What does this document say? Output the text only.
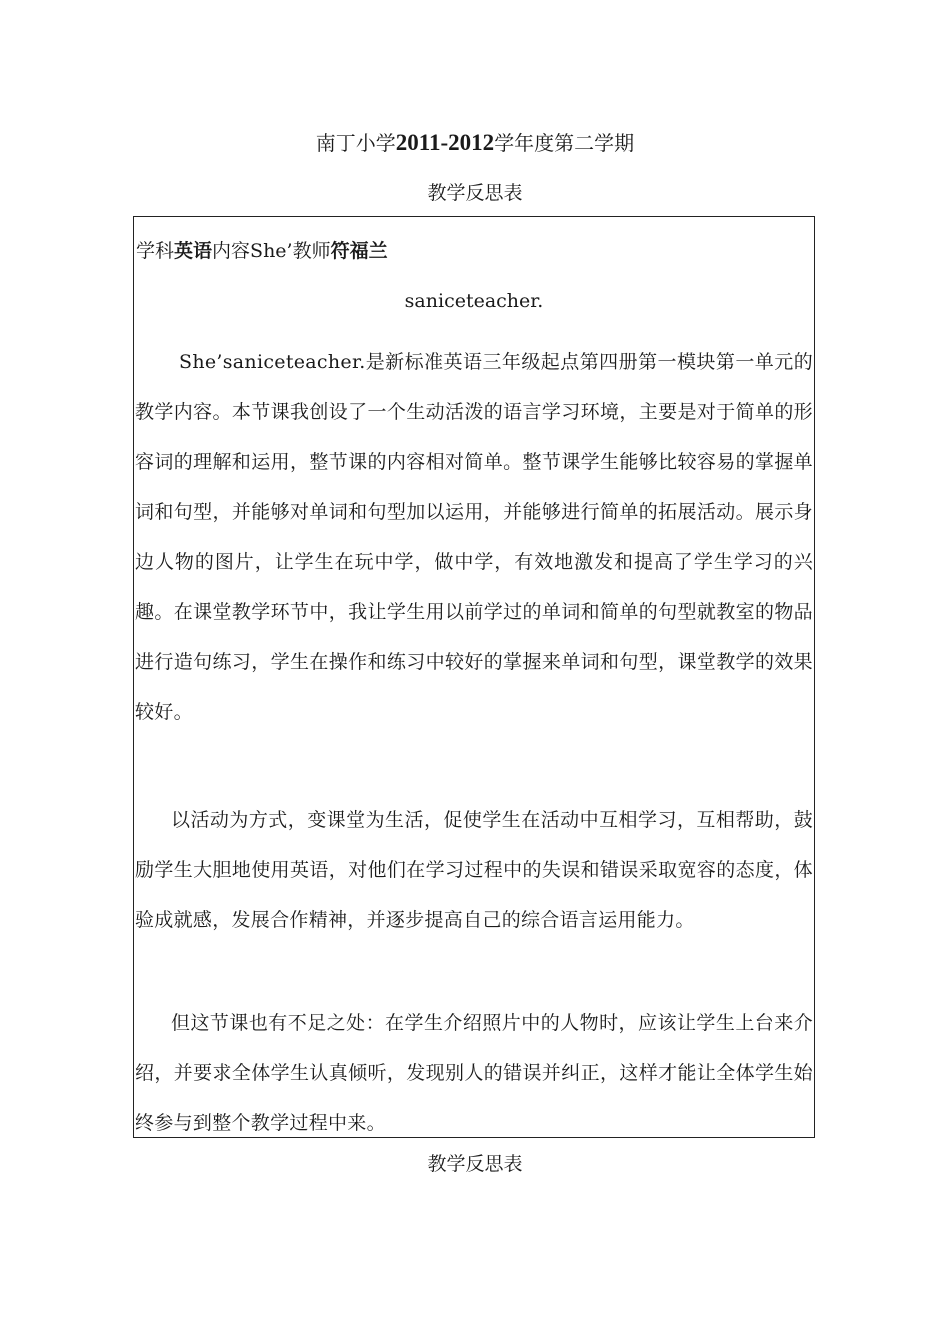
南丁小学2011-2012学年度第二学期
教学反思表
学科英语内容She’教师符福兰
saniceteacher.
She’saniceteacher.是新标准英语三年级起点第四册第一模块第一单元的教学内容。本节课我创设了一个生动活泼的语言学习环境，主要是对于简单的形容词的理解和运用，整节课的内容相对简单。整节课学生能够比较容易的掌握单词和句型，并能够对单词和句型加以运用，并能够进行简单的拓展活动。展示身边人物的图片，让学生在玩中学，做中学，有效地激发和提高了学生学习的兴趣。在课堂教学环节中，我让学生用以前学过的单词和简单的句型就教室的物品进行造句练习，学生在操作和练习中较好的掌握来单词和句型，课堂教学的效果较好。
以活动为方式，变课堂为生活，促使学生在活动中互相学习，互相帮助，鼓励学生大胆地使用英语，对他们在学习过程中的失误和错误采取宽容的态度，体验成就感，发展合作精神，并逐步提高自己的综合语言运用能力。
但这节课也有不足之处：在学生介绍照片中的人物时，应该让学生上台来介绍，并要求全体学生认真倾听，发现别人的错误并纠正，这样才能让全体学生始终参与到整个教学过程中来。
教学反思表
